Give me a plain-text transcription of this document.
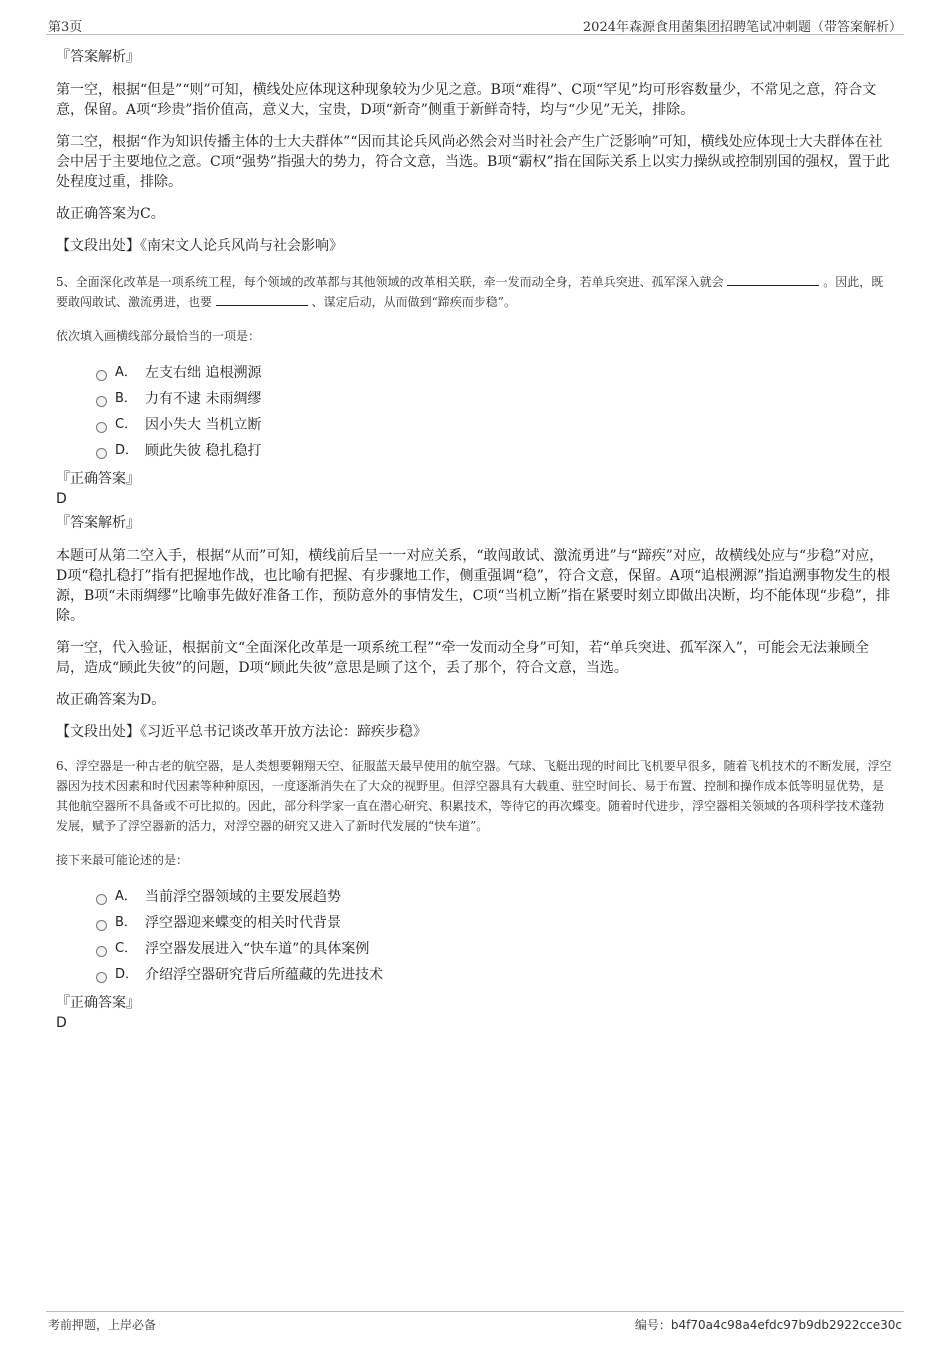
第3页	2024年森源食用菌集团招聘笔试冲刺题（带答案解析）
『答案解析』

第一空，根据“但是”“则”可知，横线处应体现这种现象较为少见之意。B项“难得”、C项“罕见”均可形容数量少，不常见之意，符合文意，保留。A项“珍贵”指价值高，意义大，宝贵，D项“新奇”侧重于新鲜奇特，均与“少见”无关，排除。

第二空，根据“作为知识传播主体的士大夫群体”“因而其论兵风尚必然会对当时社会产生广泛影响”可知，横线处应体现士大夫群体在社会中居于主要地位之意。C项“强势”指强大的势力，符合文意，当选。B项“霸权”指在国际关系上以实力操纵或控制别国的强权，置于此处程度过重，排除。

故正确答案为C。

【文段出处】《南宋文人论兵风尚与社会影响》

5、全面深化改革是一项系统工程，每个领域的改革都与其他领域的改革相关联，牵一发而动全身，若单兵突进、孤军深入就会	。因此，既要敢闯敢试、激流勇进，也要	、谋定后动，从而做到“蹄疾而步稳”。

依次填入画横线部分最恰当的一项是：

A． 左支右绌 追根溯源
B． 力有不逮 未雨绸缪
C． 因小失大 当机立断
D． 顾此失彼 稳扎稳打
『正确答案』
D
『答案解析』

本题可从第二空入手，根据“从而”可知，横线前后呈一一对应关系，“敢闯敢试、激流勇进”与“蹄疾”对应，故横线处应与“步稳”对应，D项“稳扎稳打”指有把握地作战，也比喻有把握、有步骤地工作，侧重强调“稳”，符合文意，保留。A项“追根溯源”指追溯事物发生的根源，B项“未雨绸缪”比喻事先做好准备工作，预防意外的事情发生，C项“当机立断”指在紧要时刻立即做出决断，均不能体现“步稳”，排除。

第一空，代入验证，根据前文“全面深化改革是一项系统工程”“牵一发而动全身”可知，若“单兵突进、孤军深入”，可能会无法兼顾全局，造成“顾此失彼”的问题，D项“顾此失彼”意思是顾了这个，丢了那个，符合文意，当选。

故正确答案为D。

【文段出处】《习近平总书记谈改革开放方法论：蹄疾步稳》

6、浮空器是一种古老的航空器，是人类想要翱翔天空、征服蓝天最早使用的航空器。气球、飞艇出现的时间比飞机要早很多，随着飞机技术的不断发展，浮空器因为技术因素和时代因素等种种原因，一度逐渐消失在了大众的视野里。但浮空器具有大载重、驻空时间长、易于布置、控制和操作成本低等明显优势，是其他航空器所不具备或不可比拟的。因此，部分科学家一直在潜心研究、积累技术，等待它的再次蝶变。随着时代进步，浮空器相关领域的各项科学技术蓬勃发展，赋予了浮空器新的活力，对浮空器的研究又进入了新时代发展的“快车道”。

接下来最可能论述的是：

A． 当前浮空器领域的主要发展趋势
B． 浮空器迎来蝶变的相关时代背景
C． 浮空器发展进入“快车道”的具体案例
D． 介绍浮空器研究背后所蕴藏的先进技术
『正确答案』
D
考前押题，上岸必备	编号：b4f70a4c98a4efdc97b9db2922cce30c
